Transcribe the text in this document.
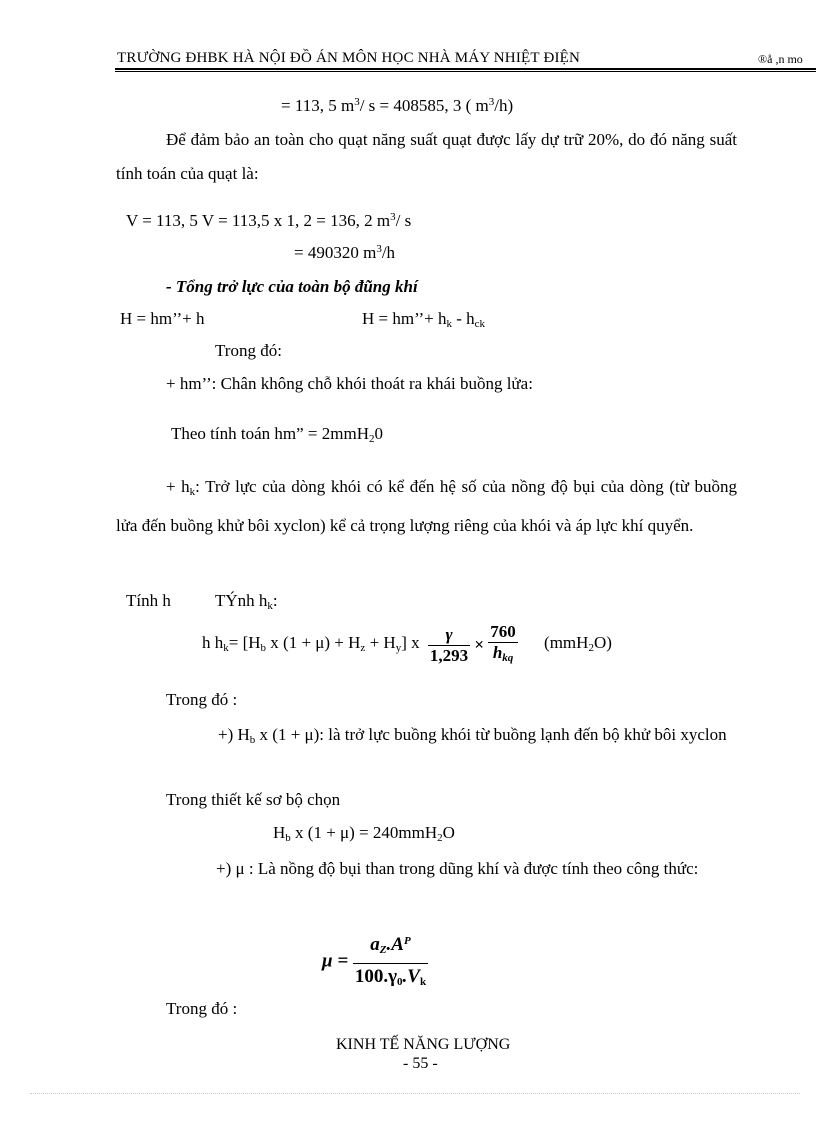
TRƯỜNG ĐHBK HÀ NỘI ĐỒ ÁN MÔN HỌC NHÀ MÁY NHIỆT ĐIỆN	®å ,n mo
= 113, 5 $m^3/$ s = 408585, 3 ( $m^3/h$)
Để đảm bảo an toàn cho quạt năng suất quạt được lấy dự trữ 20%, do đó năng suất tính toán của quạt là:
V = 113, 5 V = 113,5 x 1, 2 = 136, 2 $m^3/$ s
= 490320 $m^3/h$
- Tổng trở lực của toàn bộ đũng khí
H = hm’’+ h	H = hm’’+ $h_k - h_{ck}$
Trong đó:
+ hm’’: Chân không chỗ khói thoát ra khái buồng lửa:
Theo tính toán hm” = 2mmH$_2$0
+ $h_k$: Trở lực của dòng khói có kể đến hệ số của nồng độ bụi của dòng (từ buồng lửa đến buồng khử bôi xyclon) kể cả trọng lượng riêng của khói và áp lực khí quyển.
Tính h	TÝnh $h_k$:
h $h_k= [H_b$ x $(1 + \mu) + H_z + H_y$] x $\frac{\gamma}{1,293} \times \frac{760}{h_{kq}} (mmH_2O)$
Trong đó :
+) $H_b$ x (1 + μ): là trở lực buồng khói từ buồng lạnh đến bộ khử bôi xyclon
Trong thiết kế sơ bộ chọn
$H_b$ x (1 + μ) = 240mmH$_2$O
+) μ : Là nồng độ bụi than trong dũng khí và được tính theo công thức:
$\mu = \frac{a_Z.A^P}{100.\gamma_0.V_k}$
Trong đó :
KINH TẾ NĂNG LƯỢNG
- 55 -
